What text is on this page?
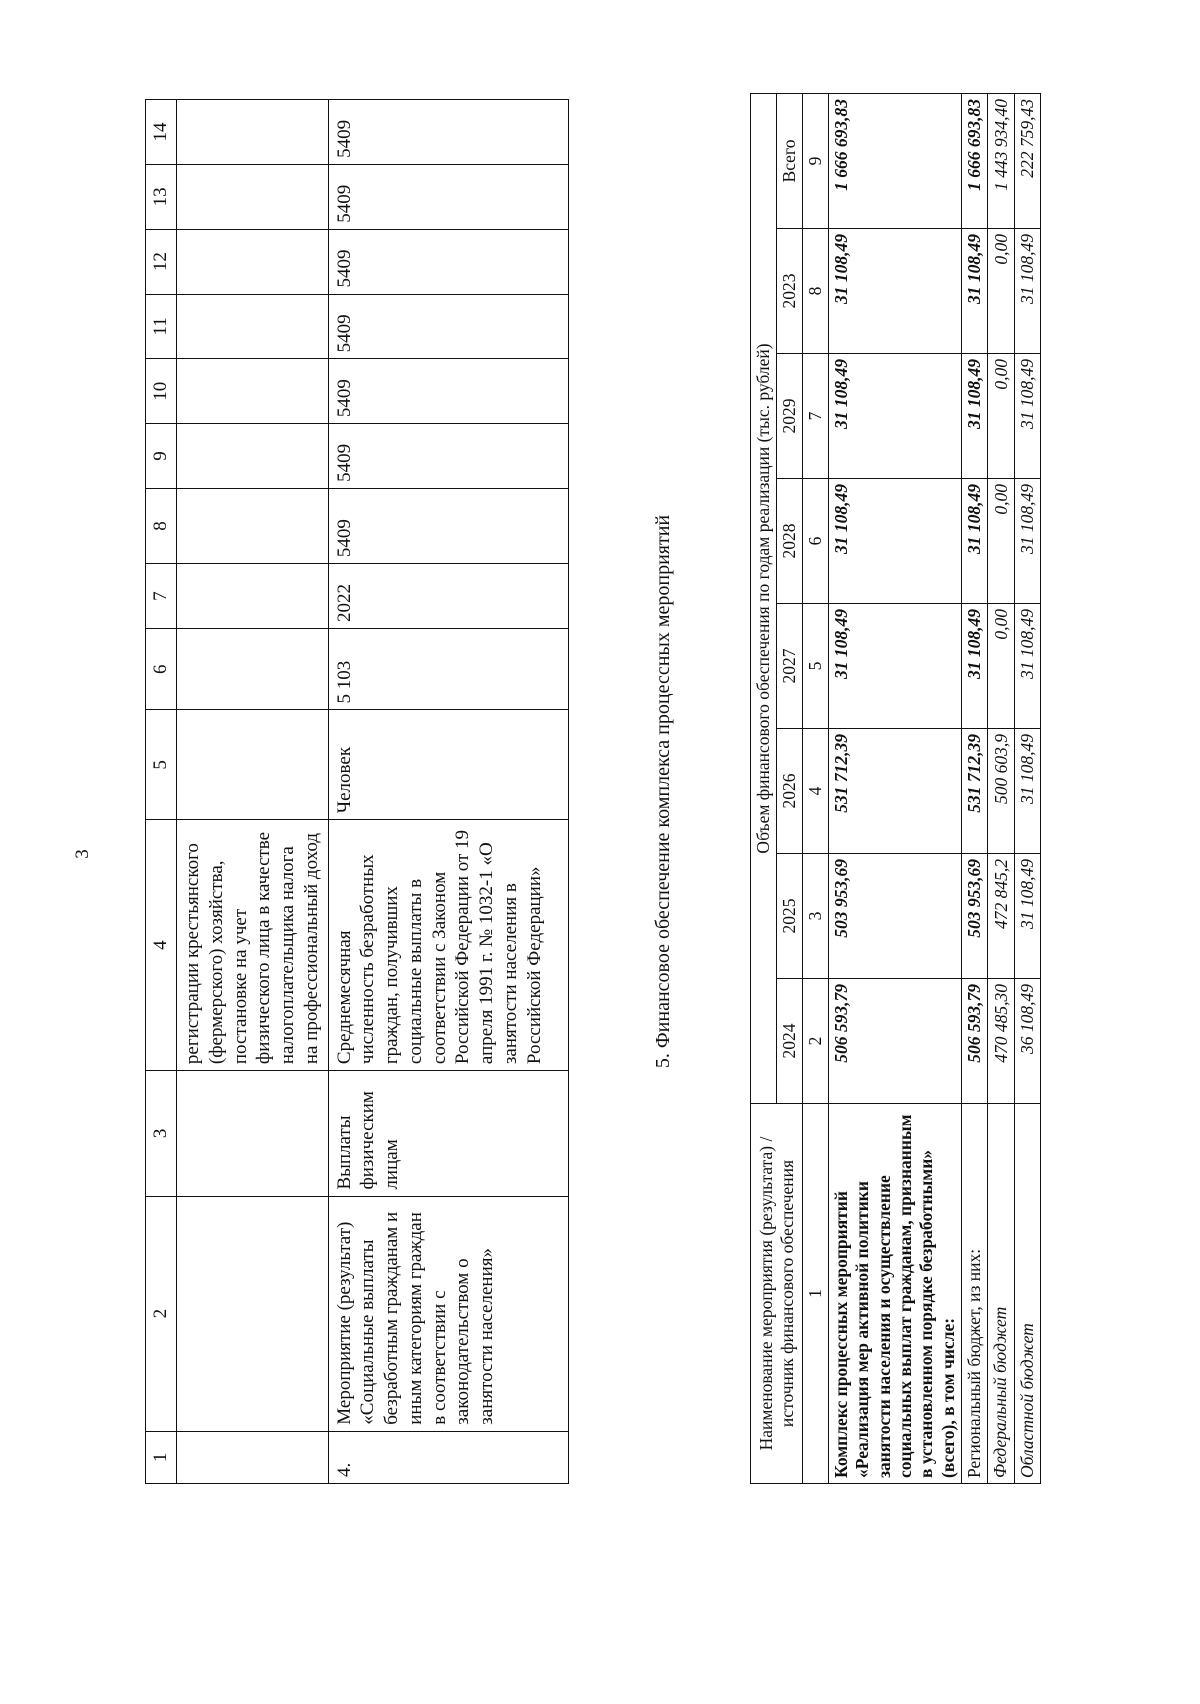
3
1	2	3	4	5	6	7	8	9	10	11	12	13	14
			регистрации крестьянского (фермерского) хозяйства, постановке на учет физического лица в качестве налогоплательщика налога на профессиональный доход										
4.	Мероприятие (результат) «Социальные выплаты безработным гражданам и иным категориям граждан в соответствии с законодательством о занятости населения»	Выплаты физическим лицам	Среднемесячная численность безработных граждан, получивших социальные выплаты в соответствии с Законом Российской Федерации от 19 апреля 1991 г. № 1032-1 «О занятости населения в Российской Федерации»	Человек	5 103	2022	5409	5409	5409	5409	5409	5409	5409
5. Финансовое обеспечение комплекса процессных мероприятий
Наименование мероприятия (результата) / источник финансового обеспечения	Объем финансового обеспечения по годам реализации (тыс. рублей)							
	2024	2025	2026	2027	2028	2029	2023	Всего
1	2	3	4	5	6	7	8	9
Комплекс процессных мероприятий «Реализация мер активной политики занятости населения и осуществление социальных выплат гражданам, признанным в установленном порядке безработными» (всего), в том числе:	506 593,79	503 953,69	531 712,39	31 108,49	31 108,49	31 108,49	31 108,49	1 666 693,83
Региональный бюджет, из них:	506 593,79	503 953,69	531 712,39	31 108,49	31 108,49	31 108,49	31 108,49	1 666 693,83
Федеральный бюджет	470 485,30	472 845,2	500 603,9	0,00	0,00	0,00	0,00	1 443 934,40
Областной бюджет	36 108,49	31 108,49	31 108,49	31 108,49	31 108,49	31 108,49	31 108,49	222 759,43
